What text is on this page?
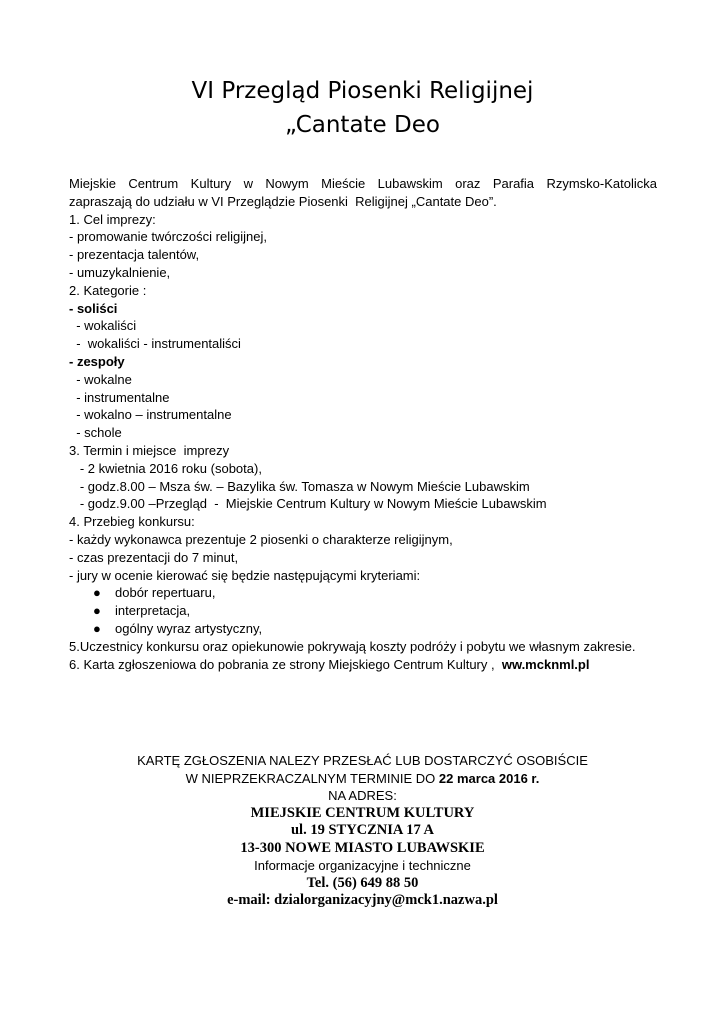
VI Przegląd Piosenki Religijnej
„Cantate Deo
Miejskie Centrum Kultury w Nowym Mieście Lubawskim oraz Parafia Rzymsko-Katolicka
zapraszają do udziału w VI Przeglądzie Piosenki  Religijnej „Cantate Deo”.
1. Cel imprezy:
- promowanie twórczości religijnej,
- prezentacja talentów,
- umuzykalnienie,
2. Kategorie :
- soliści
- wokaliści
-  wokaliści - instrumentaliści
- zespoły
- wokalne
- instrumentalne
- wokalno – instrumentalne
- schole
3. Termin i miejsce  imprezy
- 2 kwietnia 2016 roku (sobota),
- godz.8.00 – Msza św. – Bazylika św. Tomasza w Nowym Mieście Lubawskim
- godz.9.00 –Przegląd  -  Miejskie Centrum Kultury w Nowym Mieście Lubawskim
4. Przebieg konkursu:
- każdy wykonawca prezentuje 2 piosenki o charakterze religijnym,
- czas prezentacji do 7 minut,
- jury w ocenie kierować się będzie następującymi kryteriami:
● dobór repertuaru,
● interpretacja,
● ogólny wyraz artystyczny,
5.Uczestnicy konkursu oraz opiekunowie pokrywają koszty podróży i pobytu we własnym zakresie.
6. Karta zgłoszeniowa do pobrania ze strony Miejskiego Centrum Kultury ,  ww.mcknml.pl
KARTĘ ZGŁOSZENIA NALEZY PRZESŁAĆ LUB DOSTARCZYĆ OSOBIŚCIE
W NIEPRZEKRACZALNYM TERMINIE DO 22 marca 2016 r.
NA ADRES:
MIEJSKIE CENTRUM KULTURY
ul. 19 STYCZNIA 17 A
13-300 NOWE MIASTO LUBAWSKIE
Informacje organizacyjne i techniczne
Tel. (56) 649 88 50
e-mail: dzialorganizacyjny@mck1.nazwa.pl
